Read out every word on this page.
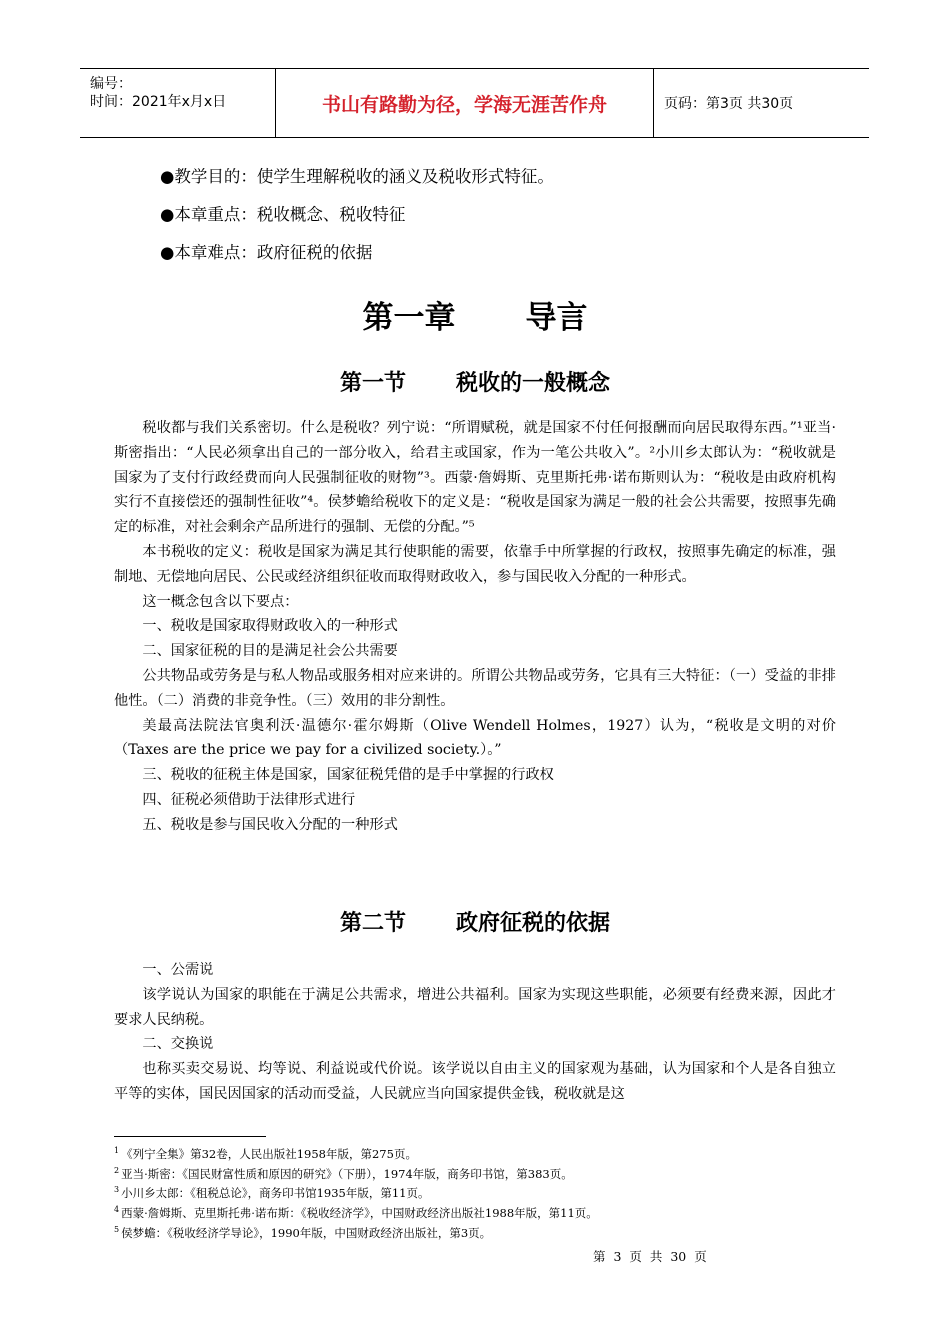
编号：
时间：2021年x月x日	书山有路勤为径，学海无涯苦作舟	页码：第3页 共30页
●教学目的：使学生理解税收的涵义及税收形式特征。
●本章重点：税收概念、税收特征
●本章难点：政府征税的依据
第一章 导言
第一节 税收的一般概念

税收都与我们关系密切。什么是税收？列宁说：“所谓赋税，就是国家不付任何报酬而向居民取得东西。”¹亚当·斯密指出：“人民必须拿出自己的一部分收入，给君主或国家，作为一笔公共收入”。²小川乡太郎认为：“税收就是国家为了支付行政经费而向人民强制征收的财物”³。西蒙·詹姆斯、克里斯托弗·诺布斯则认为：“税收是由政府机构实行不直接偿还的强制性征收”⁴。侯梦蟾给税收下的定义是：“税收是国家为满足一般的社会公共需要，按照事先确定的标准，对社会剩余产品所进行的强制、无偿的分配。”⁵

本书税收的定义：税收是国家为满足其行使职能的需要，依靠手中所掌握的行政权，按照事先确定的标准，强制地、无偿地向居民、公民或经济组织征收而取得财政收入，参与国民收入分配的一种形式。

这一概念包含以下要点：

一、税收是国家取得财政收入的一种形式

二、国家征税的目的是满足社会公共需要

公共物品或劳务是与私人物品或服务相对应来讲的。所谓公共物品或劳务，它具有三大特征：（一）受益的非排他性。（二）消费的非竞争性。（三）效用的非分割性。

美最高法院法官奥利沃·温德尔·霍尔姆斯（Olive Wendell Holmes，1927）认为，“税收是文明的对价（Taxes are the price we pay for a civilized society.）。”

三、税收的征税主体是国家，国家征税凭借的是手中掌握的行政权

四、征税必须借助于法律形式进行

五、税收是参与国民收入分配的一种形式

第二节 政府征税的依据

一、公需说

该学说认为国家的职能在于满足公共需求，增进公共福利。国家为实现这些职能，必须要有经费来源，因此才要求人民纳税。

二、交换说

也称买卖交易说、均等说、利益说或代价说。该学说以自由主义的国家观为基础，认为国家和个人是各自独立平等的实体，国民因国家的活动而受益，人民就应当向国家提供金钱，税收就是这

$^1$ 《列宁全集》第32卷，人民出版社1958年版，第275页。
$^2$ 亚当·斯密：《国民财富性质和原因的研究》（下册），1974年版，商务印书馆，第383页。
$^3$ 小川乡太郎：《租税总论》，商务印书馆1935年版，第11页。
$^4$ 西蒙·詹姆斯、克里斯托弗·诺布斯：《税收经济学》，中国财政经济出版社1988年版，第11页。
$^5$ 侯梦蟾：《税收经济学导论》，1990年版，中国财政经济出版社，第3页。
第 3 页 共 30 页
